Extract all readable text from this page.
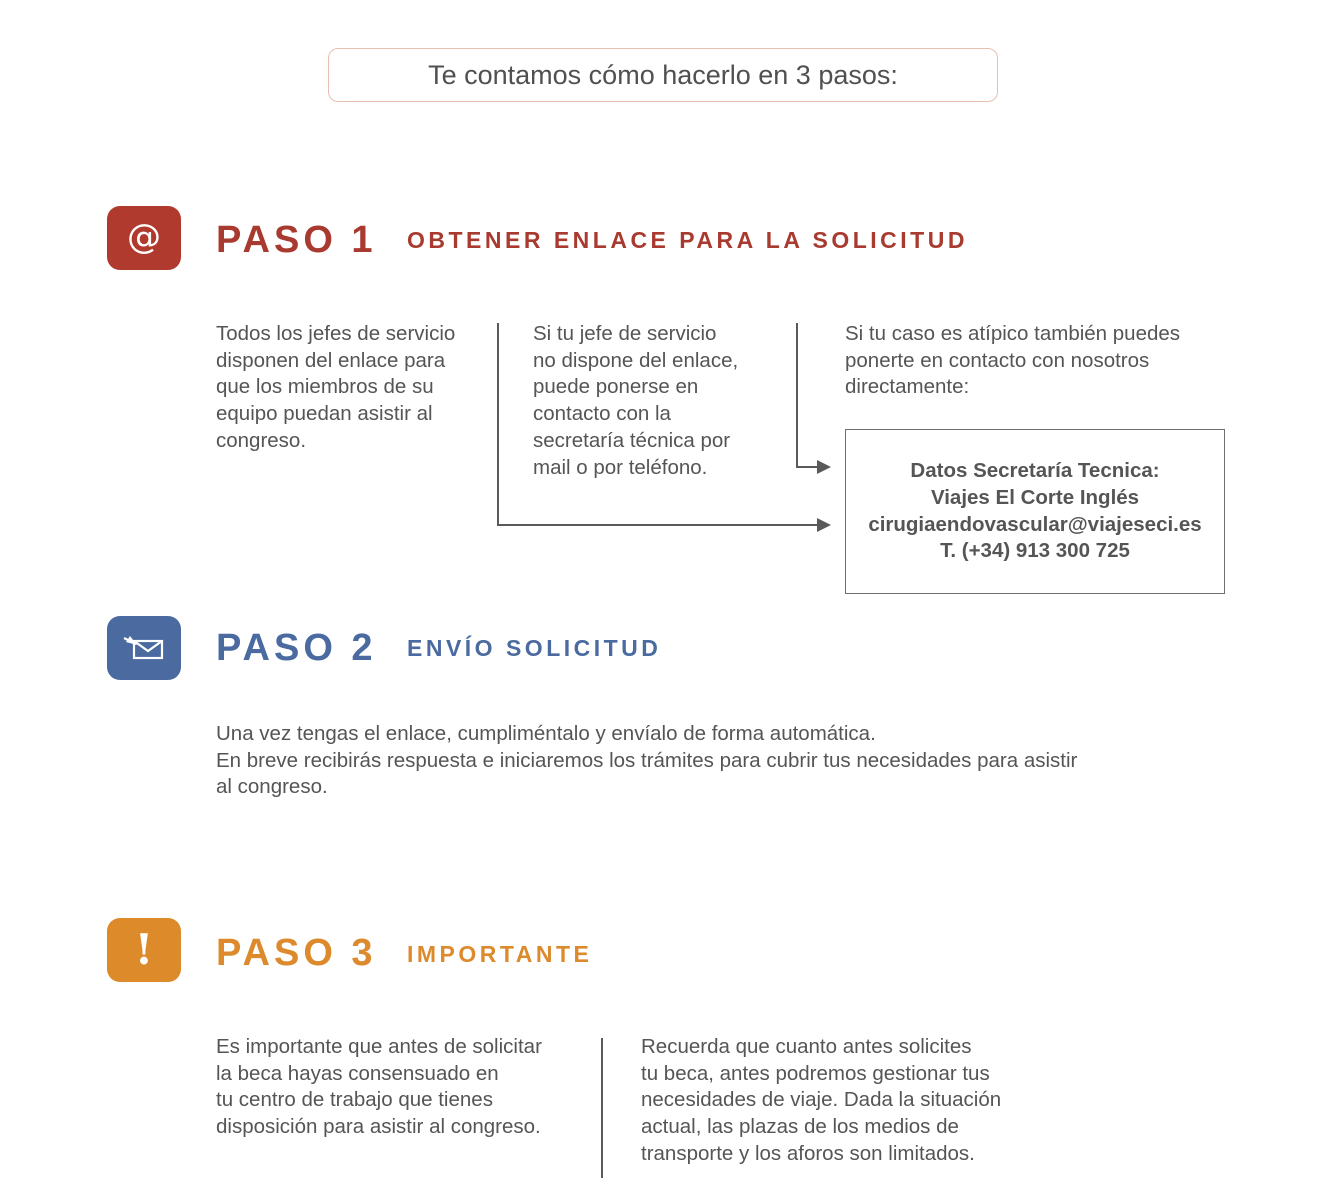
Te contamos cómo hacerlo en 3 pasos:
@ PASO 1 OBTENER ENLACE PARA LA SOLICITUD
Todos los jefes de servicio
disponen del enlace para
que los miembros de su
equipo puedan asistir al
congreso.
Si tu jefe de servicio
no dispone del enlace,
puede ponerse en
contacto con la
secretaría técnica por
mail o por teléfono.
Si tu caso es atípico también puedes
ponerte en contacto con nosotros
directamente:
Datos Secretaría Tecnica:
Viajes El Corte Inglés
cirugiaendovascular@viajeseci.es
T. (+34) 913 300 725
PASO 2 ENVÍO SOLICITUD
Una vez tengas el enlace, cumpliméntalo y envíalo de forma automática.
En breve recibirás respuesta e iniciaremos los trámites para cubrir tus necesidades para asistir
al congreso.
! PASO 3 IMPORTANTE
Es importante que antes de solicitar
la beca hayas consensuado en
tu centro de trabajo que tienes
disposición para asistir al congreso.
Recuerda que cuanto antes solicites
tu beca, antes podremos gestionar tus
necesidades de viaje. Dada la situación
actual, las plazas de los medios de
transporte y los aforos son limitados.
